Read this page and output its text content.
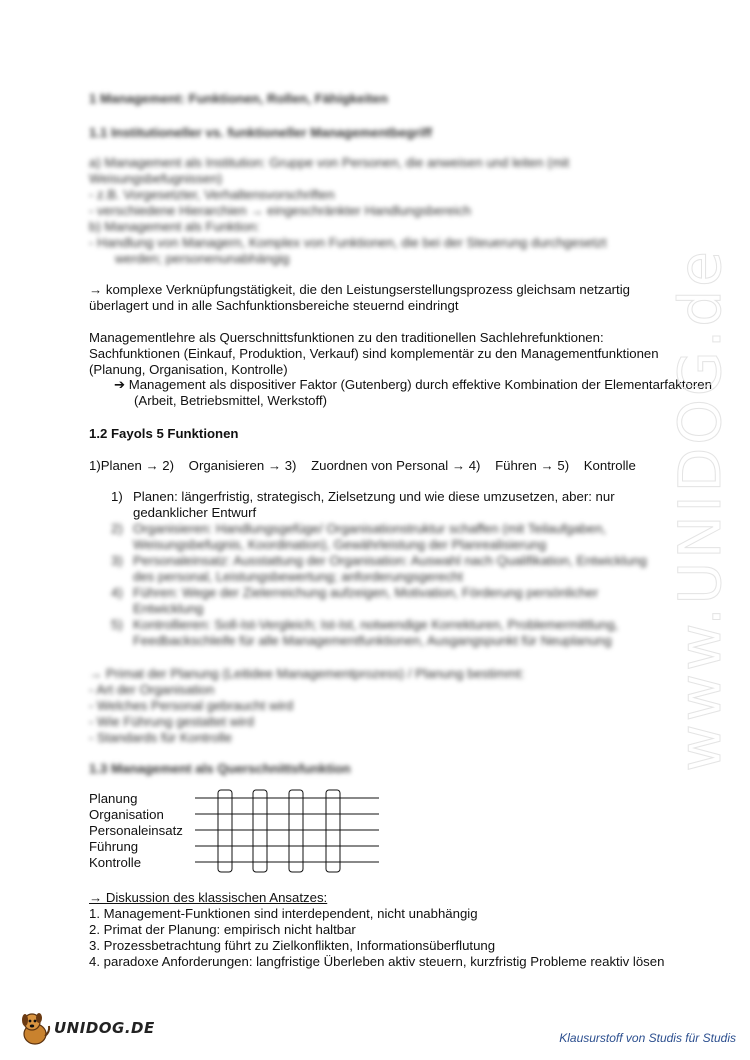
1 Management: Funktionen, Rollen, Fähigkeiten
1.1 Institutioneller vs. funktioneller Managementbegriff
a) Management als Institution: Gruppe von Personen, die anweisen und leiten (mit
Weisungsbefugnissen)
- z.B. Vorgesetzter, Verhaltensvorschriften
- verschiedene Hierarchien → eingeschränkter Handlungsbereich
b) Management als Funktion:
- Handlung von Managern, Komplex von Funktionen, die bei der Steuerung durchgesetzt
werden; personenunabhängig
→ komplexe Verknüpfungstätigkeit, die den Leistungserstellungsprozess gleichsam netzartig überlagert und in alle Sachfunktionsbereiche steuernd eindringt
Managementlehre als Querschnittsfunktionen zu den traditionellen Sachlehrefunktionen: Sachfunktionen (Einkauf, Produktion, Verkauf) sind komplementär zu den Managementfunktionen (Planung, Organisation, Kontrolle)
➔ Management als dispositiver Faktor (Gutenberg) durch effektive Kombination der Elementarfaktoren (Arbeit, Betriebsmittel, Werkstoff)
1.2 Fayols 5 Funktionen
1)Planen → 2)    Organisieren → 3)    Zuordnen von Personal → 4)    Führen → 5)    Kontrolle
1) Planen: längerfristig, strategisch, Zielsetzung und wie diese umzusetzen, aber: nur gedanklicher Entwurf
2) Organisieren: Handlungsgefüge/ Organisationstruktur schaffen (mit Teilaufgaben, Weisungsbefugnis, Koordination), Gewährleistung der Planrealisierung
3) Personaleinsatz: Ausstattung der Organisation: Auswahl nach Qualifikation, Entwicklung des personal, Leistungsbewertung; anforderungsgerecht
4) Führen: Wege der Zielerreichung aufzeigen, Motivation, Förderung persönlicher Entwicklung
5) Kontrollieren: Soll-Ist-Vergleich; Ist-Ist, notwendige Korrekturen, Problemermittlung, Feedbackschleife für alle Managementfunktionen, Ausgangspunkt für Neuplanung
→ Primat der Planung (Leitidee Managementprozess) / Planung bestimmt:
- Art der Organisation
- Welches Personal gebraucht wird
- Wie Führung gestaltet wird
- Standards für Kontrolle
1.3 Management als Querschnittsfunktion
Planung
Organisation
Personaleinsatz
Führung
Kontrolle
→ Diskussion des klassischen Ansatzes:
1. Management-Funktionen sind interdependent, nicht unabhängig
2. Primat der Planung: empirisch nicht haltbar
3. Prozessbetrachtung führt zu Zielkonflikten, Informationsüberflutung
4. paradoxe Anforderungen: langfristige Überleben aktiv steuern, kurzfristig Probleme reaktiv lösen
www.UNIDOG.de
UNIDOG.DE
Klausurstoff von Studis für Studis
